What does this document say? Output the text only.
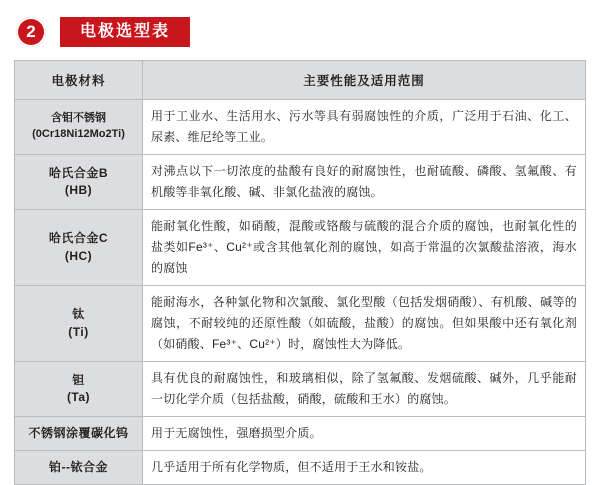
2	电极选型表
电极材料	主要性能及适用范围

含钼不锈钢
(0Cr18Ni12Mo2Ti)	用于工业水、生活用水、污水等具有弱腐蚀性的介质，广泛用于石油、化工、尿素、维尼纶等工业。

哈氏合金B
(HB)	对沸点以下一切浓度的盐酸有良好的耐腐蚀性，也耐硫酸、磷酸、氢氟酸、有机酸等非氧化酸、碱、非氯化盐液的腐蚀。

哈氏合金C
(HC)	能耐氧化性酸，如硝酸，混酸或铬酸与硫酸的混合介质的腐蚀，也耐氧化性的盐类如Fe³⁺、Cu²⁺或含其他氧化剂的腐蚀，如高于常温的次氯酸盐溶液，海水的腐蚀

钛
(Ti)	能耐海水，各种氯化物和次氯酸、氯化型酸（包括发烟硝酸）、有机酸、碱等的腐蚀，不耐较纯的还原性酸（如硫酸，盐酸）的腐蚀。但如果酸中还有氧化剂（如硝酸、Fe³⁺、Cu²⁺）时，腐蚀性大为降低。

钽
(Ta)	具有优良的耐腐蚀性，和玻璃相似，除了氢氟酸、发烟硫酸、碱外，几乎能耐一切化学介质（包括盐酸，硝酸，硫酸和王水）的腐蚀。

不锈钢涂覆碳化钨	用于无腐蚀性，强磨损型介质。

铂--铱合金	几乎适用于所有化学物质，但不适用于王水和铵盐。
